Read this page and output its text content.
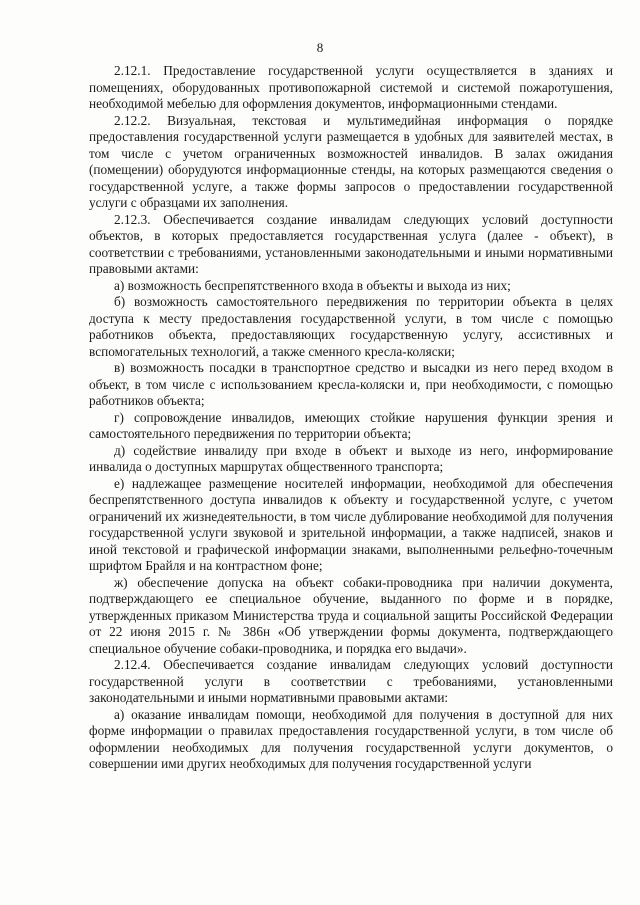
8

2.12.1. Предоставление государственной услуги осуществляется в зданиях и помещениях, оборудованных противопожарной системой и системой пожаротушения, необходимой мебелью для оформления документов, информационными стендами.

2.12.2. Визуальная, текстовая и мультимедийная информация о порядке предоставления государственной услуги размещается в удобных для заявителей местах, в том числе с учетом ограниченных возможностей инвалидов. В залах ожидания (помещении) оборудуются информационные стенды, на которых размещаются сведения о государственной услуге, а также формы запросов о предоставлении государственной услуги с образцами их заполнения.

2.12.3. Обеспечивается создание инвалидам следующих условий доступности объектов, в которых предоставляется государственная услуга (далее - объект), в соответствии с требованиями, установленными законодательными и иными нормативными правовыми актами:

а) возможность беспрепятственного входа в объекты и выхода из них;

б) возможность самостоятельного передвижения по территории объекта в целях доступа к месту предоставления государственной услуги, в том числе с помощью работников объекта, предоставляющих государственную услугу, ассистивных и вспомогательных технологий, а также сменного кресла-коляски;

в) возможность посадки в транспортное средство и высадки из него перед входом в объект, в том числе с использованием кресла-коляски и, при необходимости, с помощью работников объекта;

г) сопровождение инвалидов, имеющих стойкие нарушения функции зрения и самостоятельного передвижения по территории объекта;

д) содействие инвалиду при входе в объект и выходе из него, информирование инвалида о доступных маршрутах общественного транспорта;

е) надлежащее размещение носителей информации, необходимой для обеспечения беспрепятственного доступа инвалидов к объекту и государственной услуге, с учетом ограничений их жизнедеятельности, в том числе дублирование необходимой для получения государственной услуги звуковой и зрительной информации, а также надписей, знаков и иной текстовой и графической информации знаками, выполненными рельефно-точечным шрифтом Брайля и на контрастном фоне;

ж) обеспечение допуска на объект собаки-проводника при наличии документа, подтверждающего ее специальное обучение, выданного по форме и в порядке, утвержденных приказом Министерства труда и социальной защиты Российской Федерации от 22 июня 2015 г. № 386н «Об утверждении формы документа, подтверждающего специальное обучение собаки-проводника, и порядка его выдачи».

2.12.4. Обеспечивается создание инвалидам следующих условий доступности государственной услуги в соответствии с требованиями, установленными законодательными и иными нормативными правовыми актами:

а) оказание инвалидам помощи, необходимой для получения в доступной для них форме информации о правилах предоставления государственной услуги, в том числе об оформлении необходимых для получения государственной услуги документов, о совершении ими других необходимых для получения государственной услуги
